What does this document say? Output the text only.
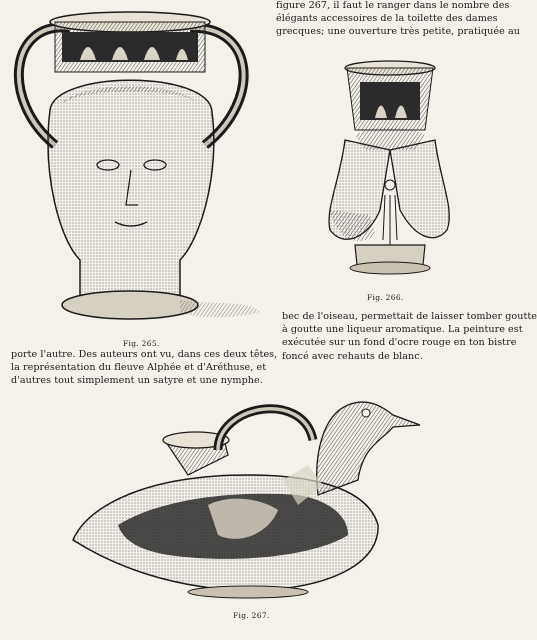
Fig. 265.
figure 267, il faut le ranger dans le nombre des
élégants accessoires de la toilette des dames
grecques; une ouverture très petite, pratiquée au
Fig. 266.
bec de l'oiseau, permettait de laisser tomber goutte
à goutte une liqueur aromatique. La peinture est
exécutée sur un fond d'ocre rouge en ton bistre
foncé avec rehauts de blanc.
porte l'autre. Des auteurs ont vu, dans ces deux têtes,
la représentation du fleuve Alphée et d'Aréthuse, et
d'autres tout simplement un satyre et une nymphe.
Fig. 267.
